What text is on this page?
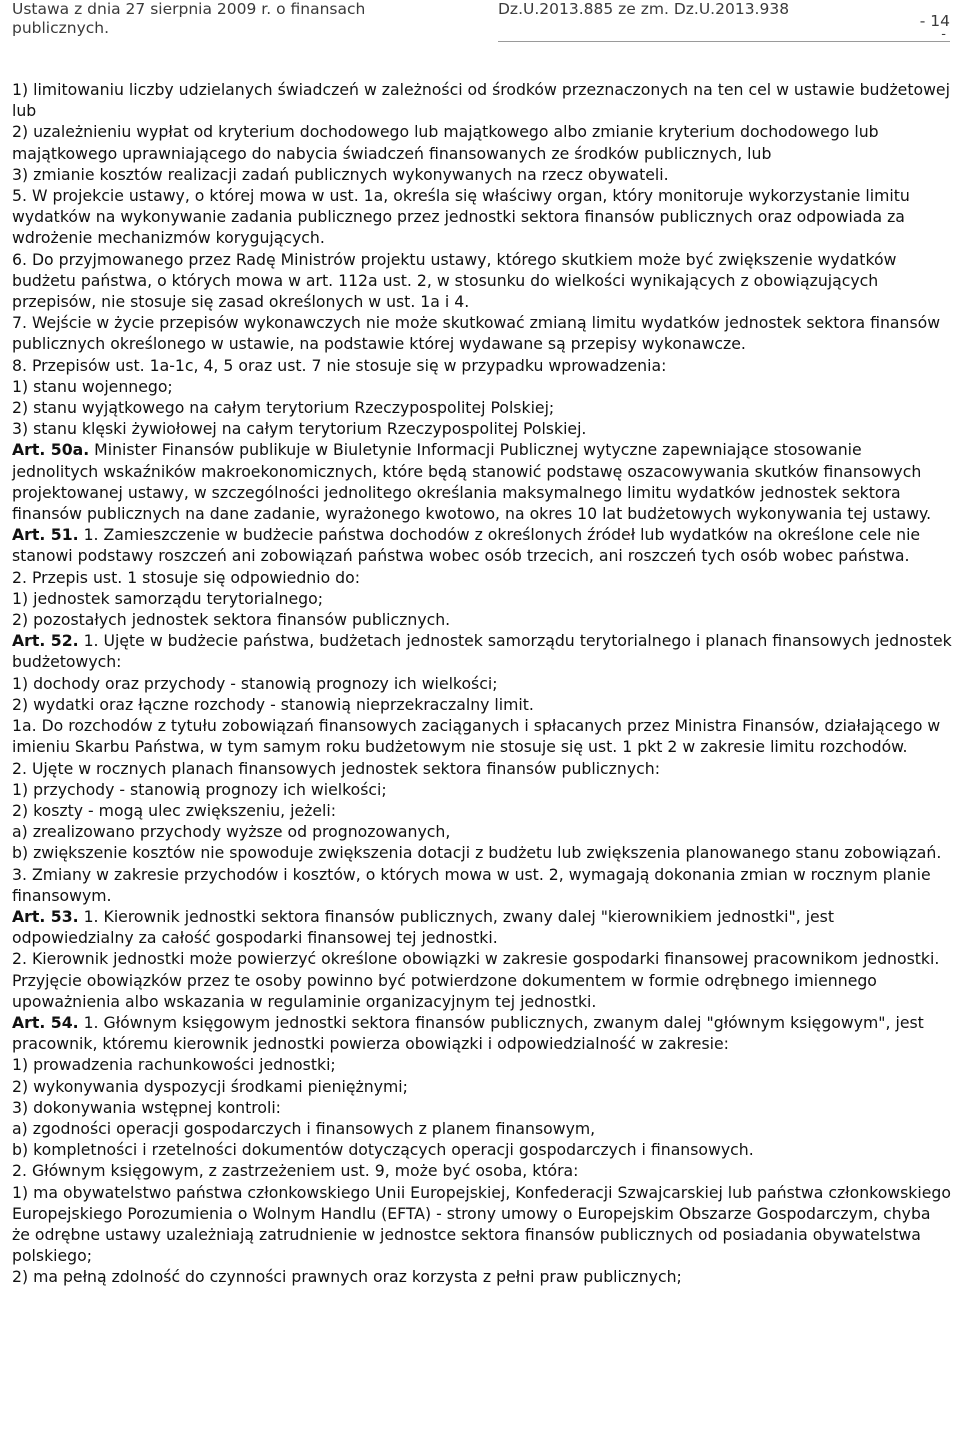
Ustawa z dnia 27 sierpnia 2009 r. o finansach publicznych.
Dz.U.2013.885 ze zm. Dz.U.2013.938
- 14
-

1) limitowaniu liczby udzielanych świadczeń w zależności od środków przeznaczonych na ten cel w ustawie budżetowej lub

2) uzależnieniu wypłat od kryterium dochodowego lub majątkowego albo zmianie kryterium dochodowego lub majątkowego uprawniającego do nabycia świadczeń finansowanych ze środków publicznych, lub

3) zmianie kosztów realizacji zadań publicznych wykonywanych na rzecz obywateli.

5. W projekcie ustawy, o której mowa w ust. 1a, określa się właściwy organ, który monitoruje wykorzystanie limitu wydatków na wykonywanie zadania publicznego przez jednostki sektora finansów publicznych oraz odpowiada za wdrożenie mechanizmów korygujących.

6. Do przyjmowanego przez Radę Ministrów projektu ustawy, którego skutkiem może być zwiększenie wydatków budżetu państwa, o których mowa w art. 112a ust. 2, w stosunku do wielkości wynikających z obowiązujących przepisów, nie stosuje się zasad określonych w ust. 1a i 4.

7. Wejście w życie przepisów wykonawczych nie może skutkować zmianą limitu wydatków jednostek sektora finansów publicznych określonego w ustawie, na podstawie której wydawane są przepisy wykonawcze.

8. Przepisów ust. 1a-1c, 4, 5 oraz ust. 7 nie stosuje się w przypadku wprowadzenia:

1) stanu wojennego;

2) stanu wyjątkowego na całym terytorium Rzeczypospolitej Polskiej;

3) stanu klęski żywiołowej na całym terytorium Rzeczypospolitej Polskiej.

Art. 50a. Minister Finansów publikuje w Biuletynie Informacji Publicznej wytyczne zapewniające stosowanie jednolitych wskaźników makroekonomicznych, które będą stanowić podstawę oszacowywania skutków finansowych projektowanej ustawy, w szczególności jednolitego określania maksymalnego limitu wydatków jednostek sektora finansów publicznych na dane zadanie, wyrażonego kwotowo, na okres 10 lat budżetowych wykonywania tej ustawy.

Art. 51. 1. Zamieszczenie w budżecie państwa dochodów z określonych źródeł lub wydatków na określone cele nie stanowi podstawy roszczeń ani zobowiązań państwa wobec osób trzecich, ani roszczeń tych osób wobec państwa.

2. Przepis ust. 1 stosuje się odpowiednio do:

1) jednostek samorządu terytorialnego;

2) pozostałych jednostek sektora finansów publicznych.

Art. 52. 1. Ujęte w budżecie państwa, budżetach jednostek samorządu terytorialnego i planach finansowych jednostek budżetowych:

1) dochody oraz przychody - stanowią prognozy ich wielkości;

2) wydatki oraz łączne rozchody - stanowią nieprzekraczalny limit.

1a. Do rozchodów z tytułu zobowiązań finansowych zaciąganych i spłacanych przez Ministra Finansów, działającego w imieniu Skarbu Państwa, w tym samym roku budżetowym nie stosuje się ust. 1 pkt 2 w zakresie limitu rozchodów.

2. Ujęte w rocznych planach finansowych jednostek sektora finansów publicznych:

1) przychody - stanowią prognozy ich wielkości;

2) koszty - mogą ulec zwiększeniu, jeżeli:

a) zrealizowano przychody wyższe od prognozowanych,

b) zwiększenie kosztów nie spowoduje zwiększenia dotacji z budżetu lub zwiększenia planowanego stanu zobowiązań.

3. Zmiany w zakresie przychodów i kosztów, o których mowa w ust. 2, wymagają dokonania zmian w rocznym planie finansowym.

Art. 53. 1. Kierownik jednostki sektora finansów publicznych, zwany dalej "kierownikiem jednostki", jest odpowiedzialny za całość gospodarki finansowej tej jednostki.

2. Kierownik jednostki może powierzyć określone obowiązki w zakresie gospodarki finansowej pracownikom jednostki. Przyjęcie obowiązków przez te osoby powinno być potwierdzone dokumentem w formie odrębnego imiennego upoważnienia albo wskazania w regulaminie organizacyjnym tej jednostki.

Art. 54. 1. Głównym księgowym jednostki sektora finansów publicznych, zwanym dalej "głównym księgowym", jest pracownik, któremu kierownik jednostki powierza obowiązki i odpowiedzialność w zakresie:

1) prowadzenia rachunkowości jednostki;

2) wykonywania dyspozycji środkami pieniężnymi;

3) dokonywania wstępnej kontroli:

a) zgodności operacji gospodarczych i finansowych z planem finansowym,

b) kompletności i rzetelności dokumentów dotyczących operacji gospodarczych i finansowych.

2. Głównym księgowym, z zastrzeżeniem ust. 9, może być osoba, która:

1) ma obywatelstwo państwa członkowskiego Unii Europejskiej, Konfederacji Szwajcarskiej lub państwa członkowskiego Europejskiego Porozumienia o Wolnym Handlu (EFTA) - strony umowy o Europejskim Obszarze Gospodarczym, chyba że odrębne ustawy uzależniają zatrudnienie w jednostce sektora finansów publicznych od posiadania obywatelstwa polskiego;

2) ma pełną zdolność do czynności prawnych oraz korzysta z pełni praw publicznych;
